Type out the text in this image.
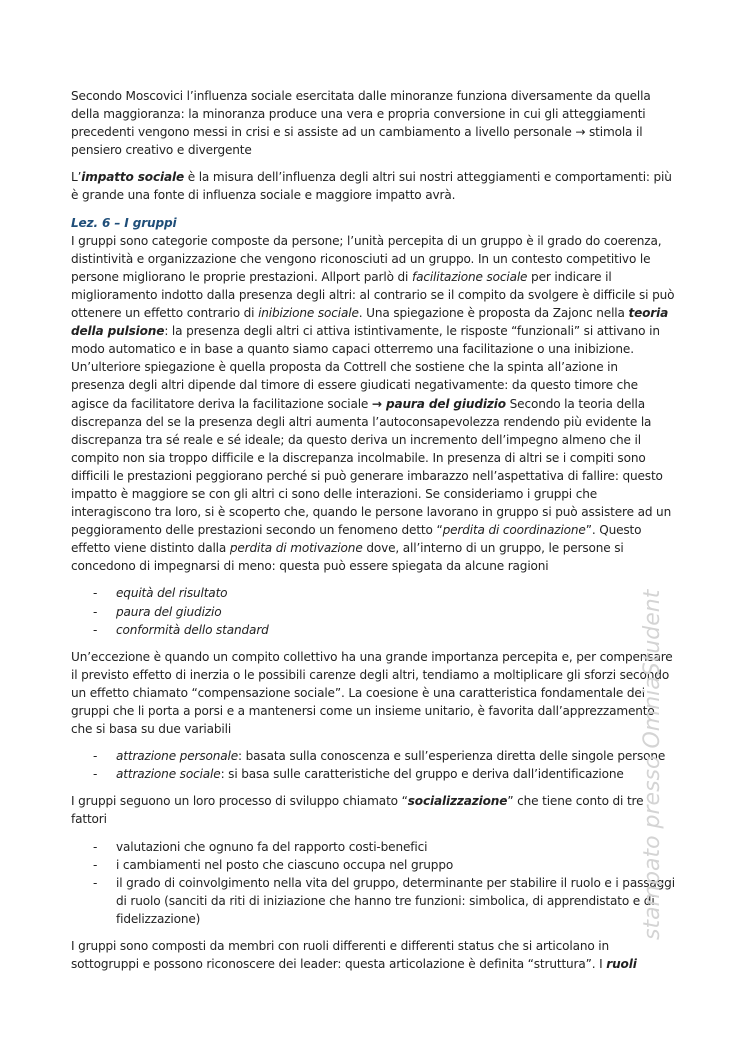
Secondo Moscovici l’influenza sociale esercitata dalle minoranze funziona diversamente da quella della maggioranza: la minoranza produce una vera e propria conversione in cui gli atteggiamenti precedenti vengono messi in crisi e si assiste ad un cambiamento a livello personale → stimola il pensiero creativo e divergente

L’impatto sociale è la misura dell’influenza degli altri sui nostri atteggiamenti e comportamenti: più è grande una fonte di influenza sociale e maggiore impatto avrà.

Lez. 6 – I gruppi

I gruppi sono categorie composte da persone; l’unità percepita di un gruppo è il grado do coerenza, distintività e organizzazione che vengono riconosciuti ad un gruppo. In un contesto competitivo le persone migliorano le proprie prestazioni. Allport parlò di facilitazione sociale per indicare il miglioramento indotto dalla presenza degli altri: al contrario se il compito da svolgere è difficile si può ottenere un effetto contrario di inibizione sociale. Una spiegazione è proposta da Zajonc nella teoria della pulsione: la presenza degli altri ci attiva istintivamente, le risposte “funzionali” si attivano in modo automatico e in base a quanto siamo capaci otterremo una facilitazione o una inibizione. Un’ulteriore spiegazione è quella proposta da Cottrell che sostiene che la spinta all’azione in presenza degli altri dipende dal timore di essere giudicati negativamente: da questo timore che agisce da facilitatore deriva la facilitazione sociale → paura del giudizio Secondo la teoria della discrepanza del se la presenza degli altri aumenta l’autoconsapevolezza rendendo più evidente la discrepanza tra sé reale e sé ideale; da questo deriva un incremento dell’impegno almeno che il compito non sia troppo difficile e la discrepanza incolmabile. In presenza di altri se i compiti sono difficili le prestazioni peggiorano perché si può generare imbarazzo nell’aspettativa di fallire: questo impatto è maggiore se con gli altri ci sono delle interazioni. Se consideriamo i gruppi che interagiscono tra loro, si è scoperto che, quando le persone lavorano in gruppo si può assistere ad un peggioramento delle prestazioni secondo un fenomeno detto “perdita di coordinazione”. Questo effetto viene distinto dalla perdita di motivazione dove, all’interno di un gruppo, le persone si concedono di impegnarsi di meno: questa può essere spiegata da alcune ragioni

- equità del risultato
- paura del giudizio
- conformità dello standard

Un’eccezione è quando un compito collettivo ha una grande importanza percepita e, per compensare il previsto effetto di inerzia o le possibili carenze degli altri, tendiamo a moltiplicare gli sforzi secondo un effetto chiamato “compensazione sociale”. La coesione è una caratteristica fondamentale dei gruppi che li porta a porsi e a mantenersi come un insieme unitario, è favorita dall’apprezzamento che si basa su due variabili

- attrazione personale: basata sulla conoscenza e sull’esperienza diretta delle singole persone
- attrazione sociale: si basa sulle caratteristiche del gruppo e deriva dall’identificazione

I gruppi seguono un loro processo di sviluppo chiamato “socializzazione” che tiene conto di tre fattori

- valutazioni che ognuno fa del rapporto costi-benefici
- i cambiamenti nel posto che ciascuno occupa nel gruppo
- il grado di coinvolgimento nella vita del gruppo, determinante per stabilire il ruolo e i passaggi di ruolo (sanciti da riti di iniziazione che hanno tre funzioni: simbolica, di apprendistato e di fidelizzazione)

I gruppi sono composti da membri con ruoli differenti e differenti status che si articolano in sottogruppi e possono riconoscere dei leader: questa articolazione è definita “struttura”. I ruoli

stampato presso OmniaStudent
